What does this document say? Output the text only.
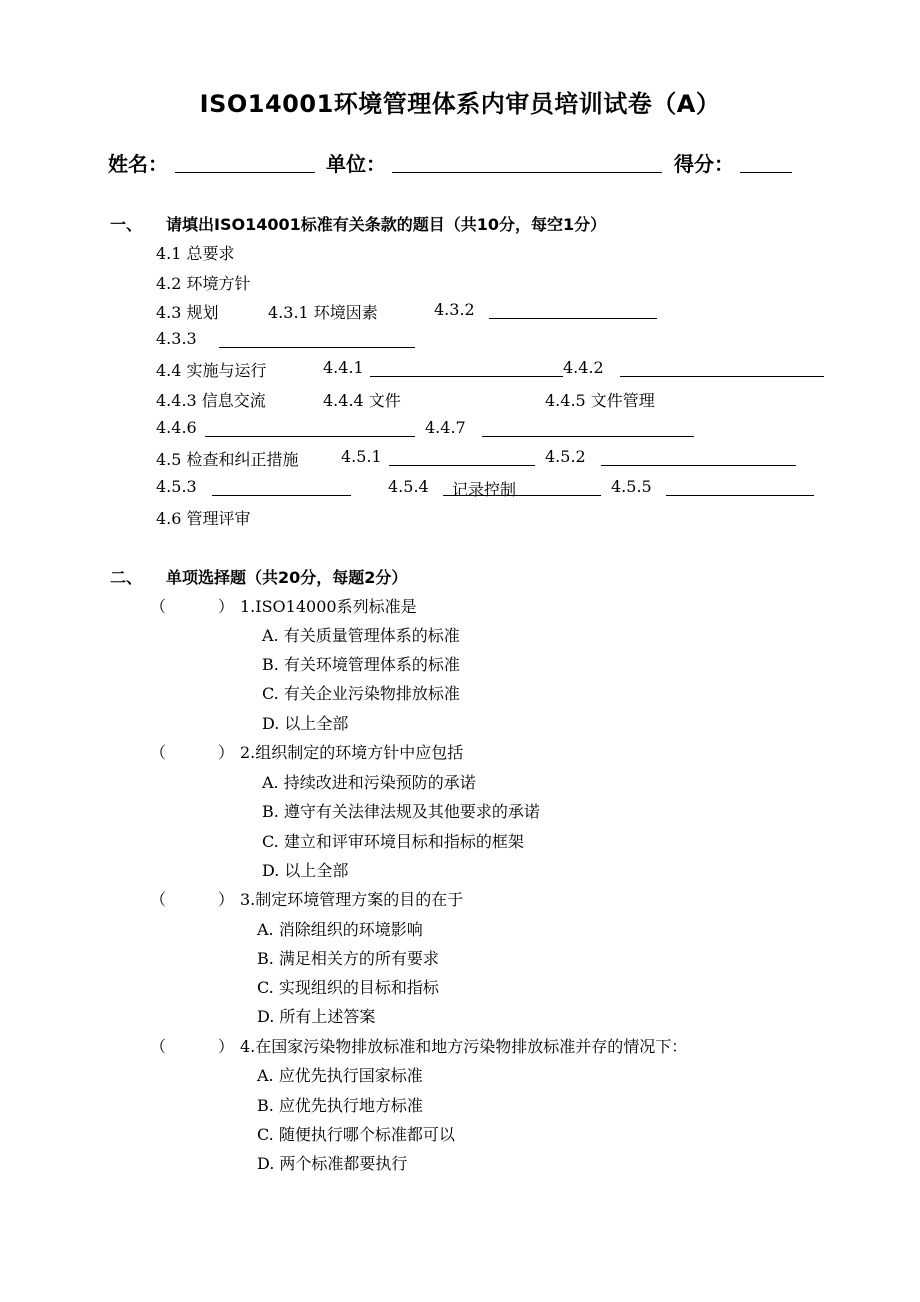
ISO14001环境管理体系内审员培训试卷（A）
姓名：	单位：	得分：
一、 请填出ISO14001标准有关条款的题目（共10分，每空1分）
4.1 总要求
4.2 环境方针
4.3 规划	4.3.1 环境因素	4.3.2
4.3.3
4.4 实施与运行	4.4.1	4.4.2
4.4.3 信息交流	4.4.4 文件	4.4.5 文件管理
4.4.6	4.4.7
4.5 检查和纠正措施	4.5.1	4.5.2
4.5.3	4.5.4 记录控制	4.5.5
4.6 管理评审
二、 单项选择题（共20分，每题2分）
（	） 1.ISO14000系列标准是
A. 有关质量管理体系的标准
B. 有关环境管理体系的标准
C. 有关企业污染物排放标准
D. 以上全部
（	） 2.组织制定的环境方针中应包括
A. 持续改进和污染预防的承诺
B. 遵守有关法律法规及其他要求的承诺
C. 建立和评审环境目标和指标的框架
D. 以上全部
（	） 3.制定环境管理方案的目的在于
A. 消除组织的环境影响
B. 满足相关方的所有要求
C. 实现组织的目标和指标
D. 所有上述答案
（	） 4.在国家污染物排放标准和地方污染物排放标准并存的情况下：
A. 应优先执行国家标准
B. 应优先执行地方标准
C. 随便执行哪个标准都可以
D. 两个标准都要执行
